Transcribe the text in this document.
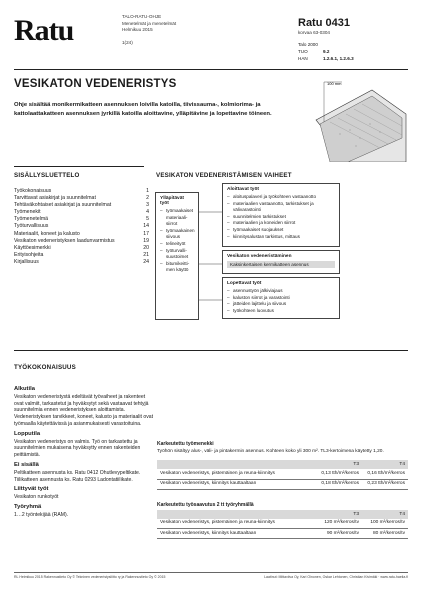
Ratu	TALO-RATU-OHJE
Menetelmät ja menetelmät
Helmikuu 2015
1(24)
Ratu 0431
korvaa 63-0304
Talo 2000
TUO	9.2
HAN	1.2.6.1, 1.2.6.3
VESIKATON VEDENERISTYS
Ohje sisältää monikermikatteen asennuksen loivilla katoilla, tiivissauma-, kolmiorima- ja kattolaattakatteen asennuksen jyrkillä katoilla aloittavine, ylläpitävine ja lopettavine töineen.
100 mm
SISÄLLYSLUETTELO
Työkokonaisuus	1
Tarvittavat asiakirjat ja suunnitelmat	2
Tehtäväkohtaiset asiakirjat ja suunnitelmat	3
Työmenekit	4
Työmenetelmä	5
Työturvallisuus	14
Materiaalit, koneet ja kalusto	17
Vesikaton vedeneristyksen laadunvarmistus	19
Käyttöesimerkki	20
Erityisohjeita	21
Kirjallisuus	24
VESIKATON VEDENERISTÄMISEN VAIHEET
Ylläpitävät työt
– työmaakaiset materiaali-siirrot
– työmaakainen siivous
– telineityöt
– työturvalli-suustoimet
– bitumikeitti-men käyttö
Aloittavat työt
– aloituspalaveri ja työkohteen vastaanotto
– materiaalien vastaanotto, tarkistukset ja välivarastointi
– suunnitelmien tarkistukset
– materiaalien ja koneiden siirrot
– työmaakaiset suojaukset
– kiinnitysalustan tarkistus, mittaus
Vesikaton vedeneristäminen
Kaksinkertaisen kermikatteen asennus
Lopettavat työt
– asennustyön jälkiviajaus
– kaluston siirrot ja varastointi
– jätteiden lajittelu ja siivous
– työkohteen luovutus
TYÖKOKONAISUUS
Alkutila

Vesikaton vedeneristystä edeltävät työvaiheet ja rakenteet ovat valmiit, tarkastetut ja hyväksytyt sekä vastaavat tehtyjä suunnitelmia ennen vedeneristyksen aloittamista. Vedeneristyksen tarvikkeet, koneet, kalusto ja materiaalit ovat työmaalla käytettävissä ja asianmukaisesti varastoituina.

Lopputila

Vesikaton vedeneristys on valmis. Työ on tarkastettu ja suunnitelmien mukaisena hyväksytty ennen rakenteiden peittämistä.

Ei sisällä

Peltikatteen asennusta ks. Ratu 0412 Ohutlevypeltikate. Tiilikatteen asennusta ks. Ratu 0293 Ladontatiilikate.

Liittyvät työt

Vesikaton runkotyöt

Työryhmä

1…2 työntekijää (RAM).

Karkeutettu työmenekki
Työhön sisältyy alus-, väli- ja pintakermin asennus. Kohteen koko yli 300 m². TL3-kertoimena käytetty 1,20.
	T3	T4
Vesikaton vedeneristys, pistemäinen ja reuna-kiinnitys	0,13 tth/m²/kerros	0,16 tth/m²/kerros
Vesikaton vedeneristys, kiinnitys kauttaaltaan	0,18 tth/m²/kerros	0,23 tth/m²/kerros
Karkeutettu työsaavutus 2 tt työryhmällä
	T3	T4
Vesikaton vedeneristys, pistemäinen ja reuna-kiinnitys	120 m²/kerros/tv	100 m²/kerros/tv
Vesikaton vedeneristys, kiinnitys kauttaaltaan	90 m²/kerros/tv	80 m²/kerros/tv
RL Helmikuu 2015 Rakennustieto Oy © Tekninen vedeneristysliitto ry ja Rakennustieto Oy © 2015	Laatinut: Mittaviiva Oy, Kari Oinonen, Oskar Lehtonen, Christian Kivimäki · www.ratu-haelia.fi
